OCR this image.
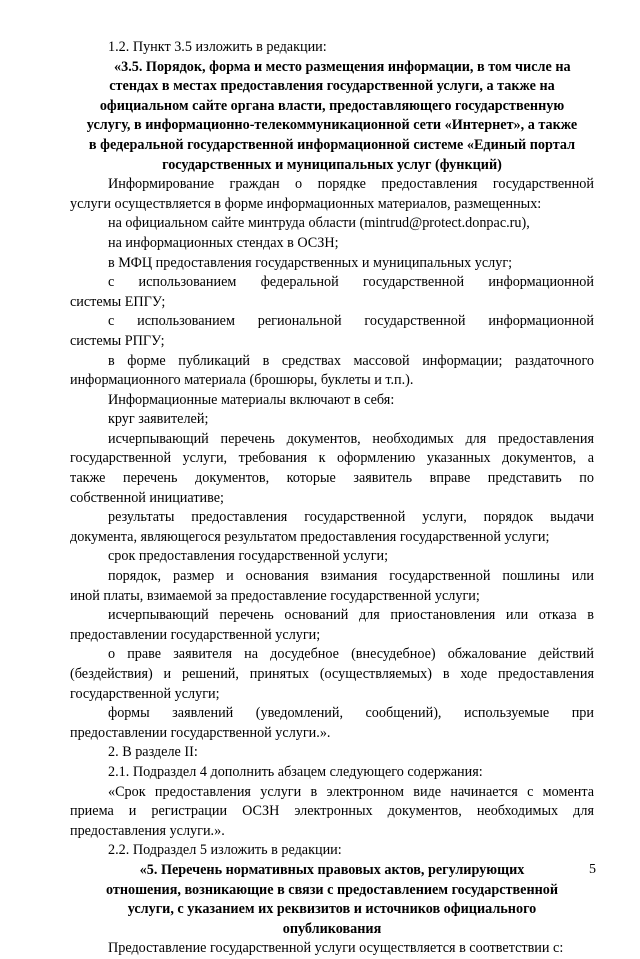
1.2. Пункт 3.5 изложить в редакции:
«3.5. Порядок, форма и место размещения информации, в том числе на
стендах в местах предоставления государственной услуги, а также на
официальном сайте органа власти, предоставляющего государственную
услугу, в информационно-телекоммуникационной сети «Интернет», а также
в федеральной государственной информационной системе «Единый портал
государственных и муниципальных услуг (функций)
Информирование граждан о порядке предоставления государственной
услуги осуществляется в форме информационных материалов, размещенных:
на официальном сайте минтруда области (mintrud@protect.donpac.ru),
на информационных стендах в ОСЗН;
в МФЦ предоставления государственных и муниципальных услуг;
с использованием федеральной государственной информационной
системы ЕПГУ;
с использованием региональной государственной информационной
системы РПГУ;
в форме публикаций в средствах массовой информации; раздаточного
информационного материала (брошюры, буклеты и т.п.).
Информационные материалы включают в себя:
круг заявителей;
исчерпывающий перечень документов, необходимых для предоставления
государственной услуги, требования к оформлению указанных документов, а
также перечень документов, которые заявитель вправе представить по
собственной инициативе;
результаты предоставления государственной услуги, порядок выдачи
документа, являющегося результатом предоставления государственной услуги;
срок предоставления государственной услуги;
порядок, размер и основания взимания государственной пошлины или
иной платы, взимаемой за предоставление государственной услуги;
исчерпывающий перечень оснований для приостановления или отказа в
предоставлении государственной услуги;
о праве заявителя на досудебное (внесудебное) обжалование действий
(бездействия) и решений, принятых (осуществляемых) в ходе предоставления
государственной услуги;
формы заявлений (уведомлений, сообщений), используемые при
предоставлении государственной услуги.».
2. В разделе II:
2.1. Подраздел 4 дополнить абзацем следующего содержания:
«Срок предоставления услуги в электронном виде начинается с момента
приема и регистрации ОСЗН электронных документов, необходимых для
предоставления услуги.».
2.2. Подраздел 5 изложить в редакции:
«5. Перечень нормативных правовых актов, регулирующих
отношения, возникающие в связи с предоставлением государственной
услуги, с указанием их реквизитов и источников официального
опубликования
Предоставление государственной услуги осуществляется в соответствии с:
5
